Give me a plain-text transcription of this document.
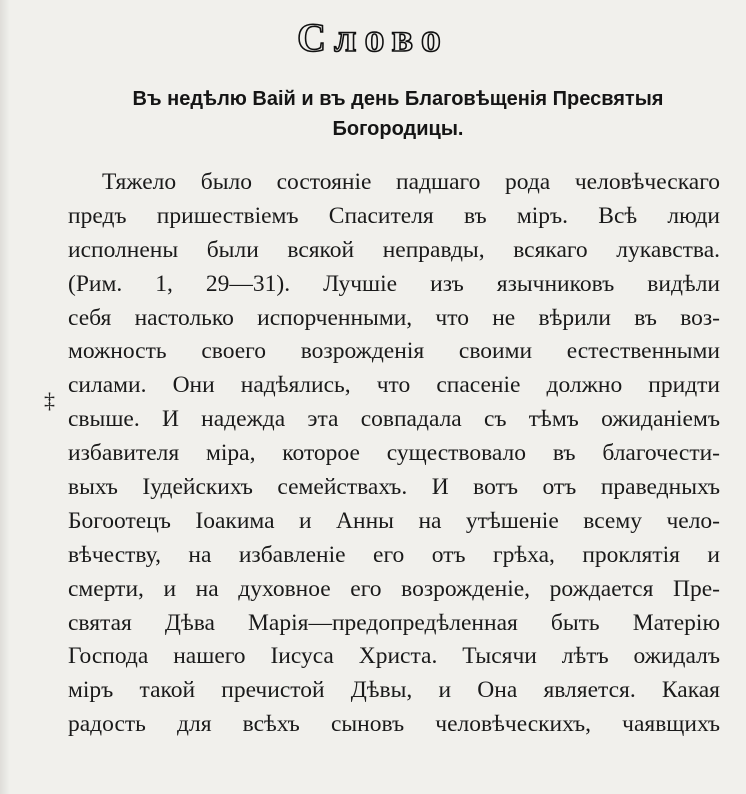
Слово
Въ недѣлю Ваій и въ день Благовѣщенія Пресвятыя
Богородицы.
‡
Тяжело было состояніе падшаго рода человѣческаго
предъ пришествіемъ Спасителя въ міръ. Всѣ люди
исполнены были всякой неправды, всякаго лукавства.
(Рим. 1, 29—31). Лучшіе изъ язычниковъ видѣли
себя настолько испорченными, что не вѣрили въ воз-
можность своего возрожденія своими естественными
силами. Они надѣялись, что спасеніе должно придти
свыше. И надежда эта совпадала съ тѣмъ ожиданіемъ
избавителя міра, которое существовало въ благочести-
выхъ Іудейскихъ семействахъ. И вотъ отъ праведныхъ
Богоотецъ Іоакима и Анны на утѣшеніе всему чело-
вѣчеству, на избавленіе его отъ грѣха, проклятія и
смерти, и на духовное его возрожденіе, рождается Пре-
святая Дѣва Марія—предопредѣленная быть Матерію
Господа нашего Іисуса Христа. Тысячи лѣтъ ожидалъ
міръ такой пречистой Дѣвы, и Она является. Какая
радость для всѣхъ сыновъ человѣческихъ, чаявщихъ
